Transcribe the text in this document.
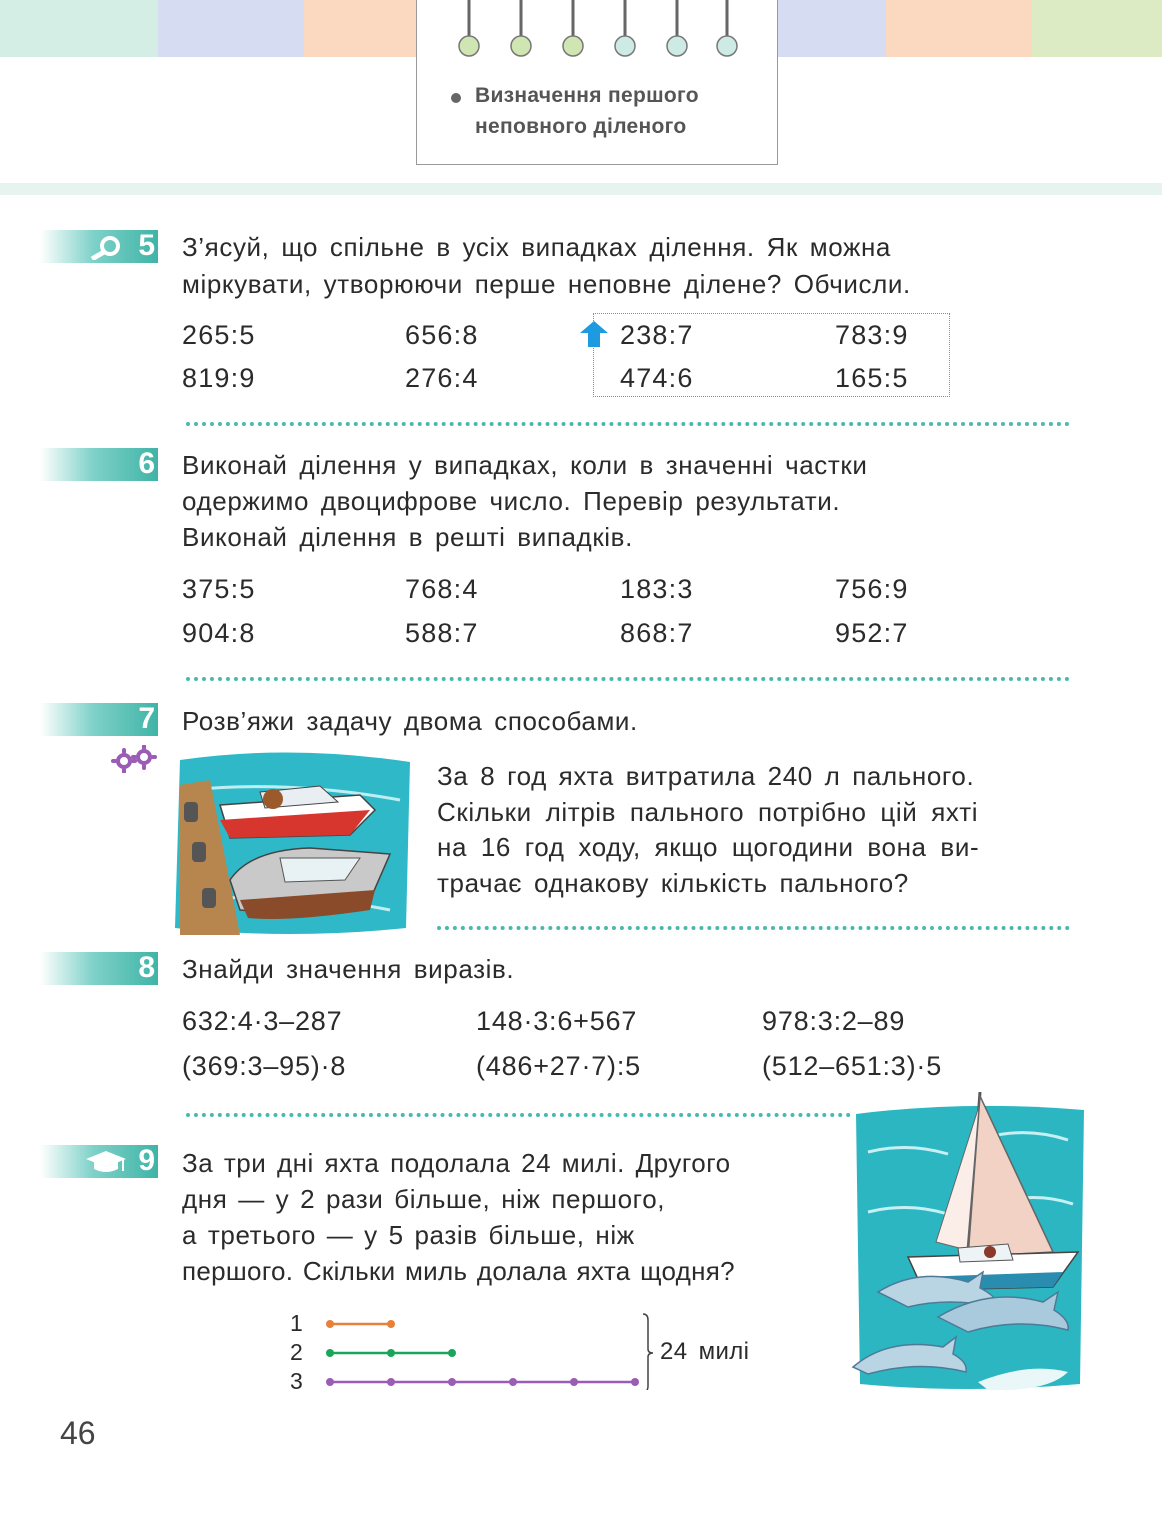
Визначення першого
неповного діленого
5 З’ясуй, що спільне в усіх випадках ділення. Як можна
міркувати, утворюючи перше неповне ділене? Обчисли.
265:5	656:8	238:7	783:9
819:9	276:4	474:6	165:5
6 Виконай ділення у випадках, коли в значенні частки
одержимо двоцифрове число. Перевір результати.
Виконай ділення в решті випадків.
375:5	768:4	183:3	756:9
904:8	588:7	868:7	952:7
7 Розв’яжи задачу двома способами.
За 8 год яхта витратила 240 л пального.
Скільки літрів пального потрібно цій яхті
на 16 год ходу, якщо щогодини вона ви-
трачає однакову кількість пального?
8 Знайди значення виразів.
632:4·3–287	148·3:6+567	978:3:2–89
(369:3–95)·8	(486+27·7):5	(512–651:3)·5
9 За три дні яхта подолала 24 милі. Другого
дня — у 2 рази більше, ніж першого,
а третього — у 5 разів більше, ніж
першого. Скільки миль долала яхта щодня?
1
2
3
24 милі
46
